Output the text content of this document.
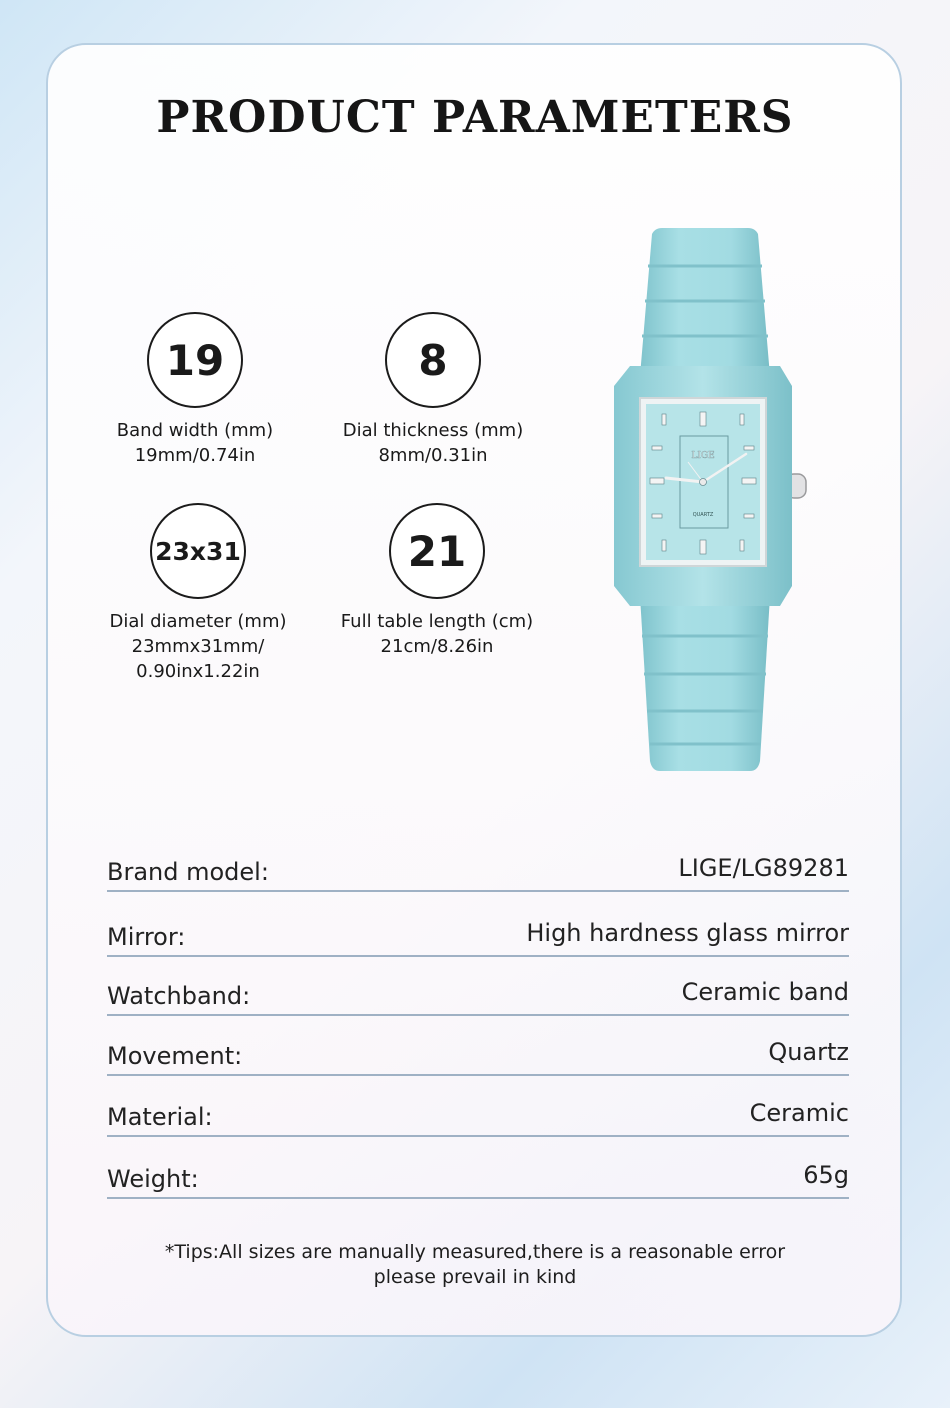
PRODUCT PARAMETERS
19
Band width (mm)
19mm/0.74in
8
Dial thickness (mm)
8mm/0.31in
23x31
Dial diameter (mm)
23mmx31mm/
0.90inx1.22in
21
Full table length (cm)
21cm/8.26in
LIGE
QUARTZ
Brand model:	LIGE/LG89281
Mirror:	High hardness glass mirror
Watchband:	Ceramic band
Movement:	Quartz
Material:	Ceramic
Weight:	65g
*Tips:All sizes are manually measured,there is a reasonable error
please prevail in kind
